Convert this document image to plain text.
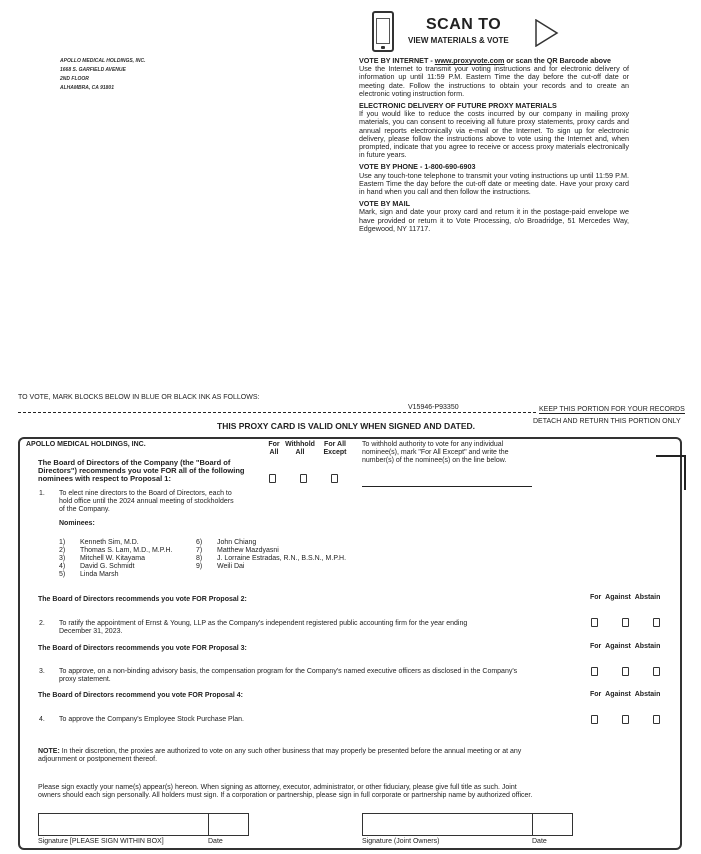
APOLLO MEDICAL HOLDINGS, INC.
1668 S. GARFIELD AVENUE
2ND FLOOR
ALHAMBRA, CA 91801
SCAN TO
VIEW MATERIALS & VOTE
VOTE BY INTERNET - www.proxyvote.com or scan the QR Barcode above

Use the Internet to transmit your voting instructions and for electronic delivery of information up until 11:59 P.M. Eastern Time the day before the cut-off date or meeting date. Follow the instructions to obtain your records and to create an electronic voting instruction form.

ELECTRONIC DELIVERY OF FUTURE PROXY MATERIALS

If you would like to reduce the costs incurred by our company in mailing proxy materials, you can consent to receiving all future proxy statements, proxy cards and annual reports electronically via e-mail or the Internet. To sign up for electronic delivery, please follow the instructions above to vote using the Internet and, when prompted, indicate that you agree to receive or access proxy materials electronically in future years.

VOTE BY PHONE - 1-800-690-6903

Use any touch-tone telephone to transmit your voting instructions up until 11:59 P.M. Eastern Time the day before the cut-off date or meeting date. Have your proxy card in hand when you call and then follow the instructions.

VOTE BY MAIL

Mark, sign and date your proxy card and return it in the postage-paid envelope we have provided or return it to Vote Processing, c/o Broadridge, 51 Mercedes Way, Edgewood, NY 11717.

TO VOTE, MARK BLOCKS BELOW IN BLUE OR BLACK INK AS FOLLOWS:
V15946-P93350	KEEP THIS PORTION FOR YOUR RECORDS
DETACH AND RETURN THIS PORTION ONLY
THIS PROXY CARD IS VALID ONLY WHEN SIGNED AND DATED.
APOLLO MEDICAL HOLDINGS, INC.
The Board of Directors of the Company (the "Board of
Directors") recommends you vote FOR all of the following
nominees with respect to Proposal 1:
For
All
Withhold
All
For All
Except
To withhold authority to vote for any individual
nominee(s), mark "For All Except" and write the
number(s) of the nominee(s) on the line below.
1. To elect nine directors to the Board of Directors, each to
hold office until the 2024 annual meeting of stockholders
of the Company.
Nominees:
1) Kenneth Sim, M.D.
2) Thomas S. Lam, M.D., M.P.H.
3) Mitchell W. Kitayama
4) David G. Schmidt
5) Linda Marsh
6) John Chiang
7) Matthew Mazdyasni
8) J. Lorraine Estradas, R.N., B.S.N., M.P.H.
9) Weili Dai
The Board of Directors recommends you vote FOR Proposal 2:	For Against Abstain
2. To ratify the appointment of Ernst & Young, LLP as the Company's independent registered public accounting firm for the year ending
December 31, 2023.
The Board of Directors recommends you vote FOR Proposal 3:	For Against Abstain
3. To approve, on a non-binding advisory basis, the compensation program for the Company's named executive officers as disclosed in the Company's
proxy statement.
The Board of Directors recommend you vote FOR Proposal 4:	For Against Abstain
4. To approve the Company's Employee Stock Purchase Plan.
NOTE: In their discretion, the proxies are authorized to vote on any such other business that may properly be presented before the annual meeting or at any
adjournment or postponement thereof.
Please sign exactly your name(s) appear(s) hereon. When signing as attorney, executor, administrator, or other fiduciary, please give full title as such. Joint
owners should each sign personally. All holders must sign. If a corporation or partnership, please sign in full corporate or partnership name by authorized officer.
Signature [PLEASE SIGN WITHIN BOX]	Date	Signature (Joint Owners)	Date
